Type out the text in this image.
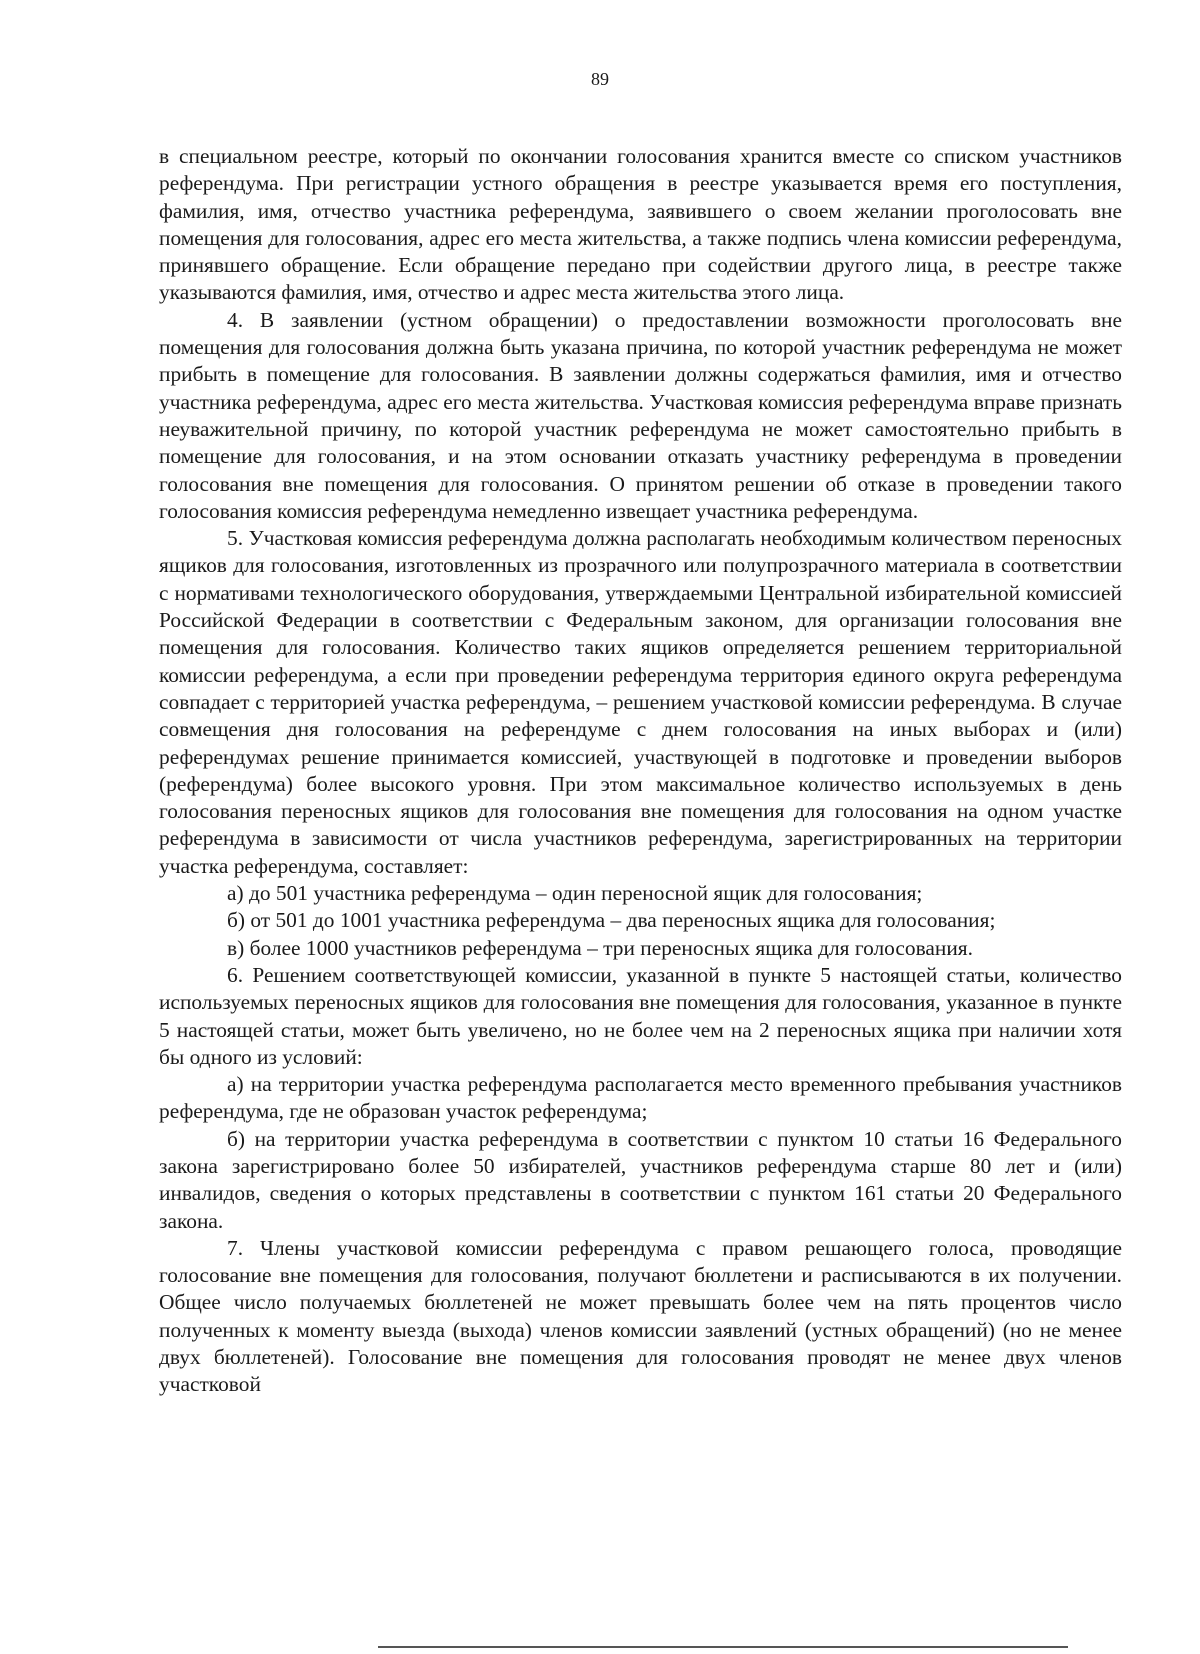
89

в специальном реестре, который по окончании голосования хранится вместе со списком участников референдума. При регистрации устного обращения в реестре указывается время его поступления, фамилия, имя, отчество участника референдума, заявившего о своем желании проголосовать вне помещения для голосования, адрес его места жительства, а также подпись члена комиссии референдума, принявшего обращение. Если обращение передано при содействии другого лица, в реестре также указываются фамилия, имя, отчество и адрес места жительства этого лица.

4. В заявлении (устном обращении) о предоставлении возможности проголосовать вне помещения для голосования должна быть указана причина, по которой участник референдума не может прибыть в помещение для голосования. В заявлении должны содержаться фамилия, имя и отчество участника референдума, адрес его места жительства. Участковая комиссия референдума вправе признать неуважительной причину, по которой участник референдума не может самостоятельно прибыть в помещение для голосования, и на этом основании отказать участнику референдума в проведении голосования вне помещения для голосования. О принятом решении об отказе в проведении такого голосования комиссия референдума немедленно извещает участника референдума.

5. Участковая комиссия референдума должна располагать необходимым количеством переносных ящиков для голосования, изготовленных из прозрачного или полупрозрачного материала в соответствии с нормативами технологического оборудования, утверждаемыми Центральной избирательной комиссией Российской Федерации в соответствии с Федеральным законом, для организации голосования вне помещения для голосования. Количество таких ящиков определяется решением территориальной комиссии референдума, а если при проведении референдума территория единого округа референдума совпадает с территорией участка референдума, – решением участковой комиссии референдума. В случае совмещения дня голосования на референдуме с днем голосования на иных выборах и (или) референдумах решение принимается комиссией, участвующей в подготовке и проведении выборов (референдума) более высокого уровня. При этом максимальное количество используемых в день голосования переносных ящиков для голосования вне помещения для голосования на одном участке референдума в зависимости от числа участников референдума, зарегистрированных на территории участка референдума, составляет:

а) до 501 участника референдума – один переносной ящик для голосования;

б) от 501 до 1001 участника референдума – два переносных ящика для голосования;

в) более 1000 участников референдума – три переносных ящика для голосования.

6. Решением соответствующей комиссии, указанной в пункте 5 настоящей статьи, количество используемых переносных ящиков для голосования вне помещения для голосования, указанное в пункте 5 настоящей статьи, может быть увеличено, но не более чем на 2 переносных ящика при наличии хотя бы одного из условий:

а) на территории участка референдума располагается место временного пребывания участников референдума, где не образован участок референдума;

б) на территории участка референдума в соответствии с пунктом 10 статьи 16 Федерального закона зарегистрировано более 50 избирателей, участников референдума старше 80 лет и (или) инвалидов, сведения о которых представлены в соответствии с пунктом 161 статьи 20 Федерального закона.

7. Члены участковой комиссии референдума с правом решающего голоса, проводящие голосование вне помещения для голосования, получают бюллетени и расписываются в их получении. Общее число получаемых бюллетеней не может превышать более чем на пять процентов число полученных к моменту выезда (выхода) членов комиссии заявлений (устных обращений) (но не менее двух бюллетеней). Голосование вне помещения для голосования проводят не менее двух членов участковой
